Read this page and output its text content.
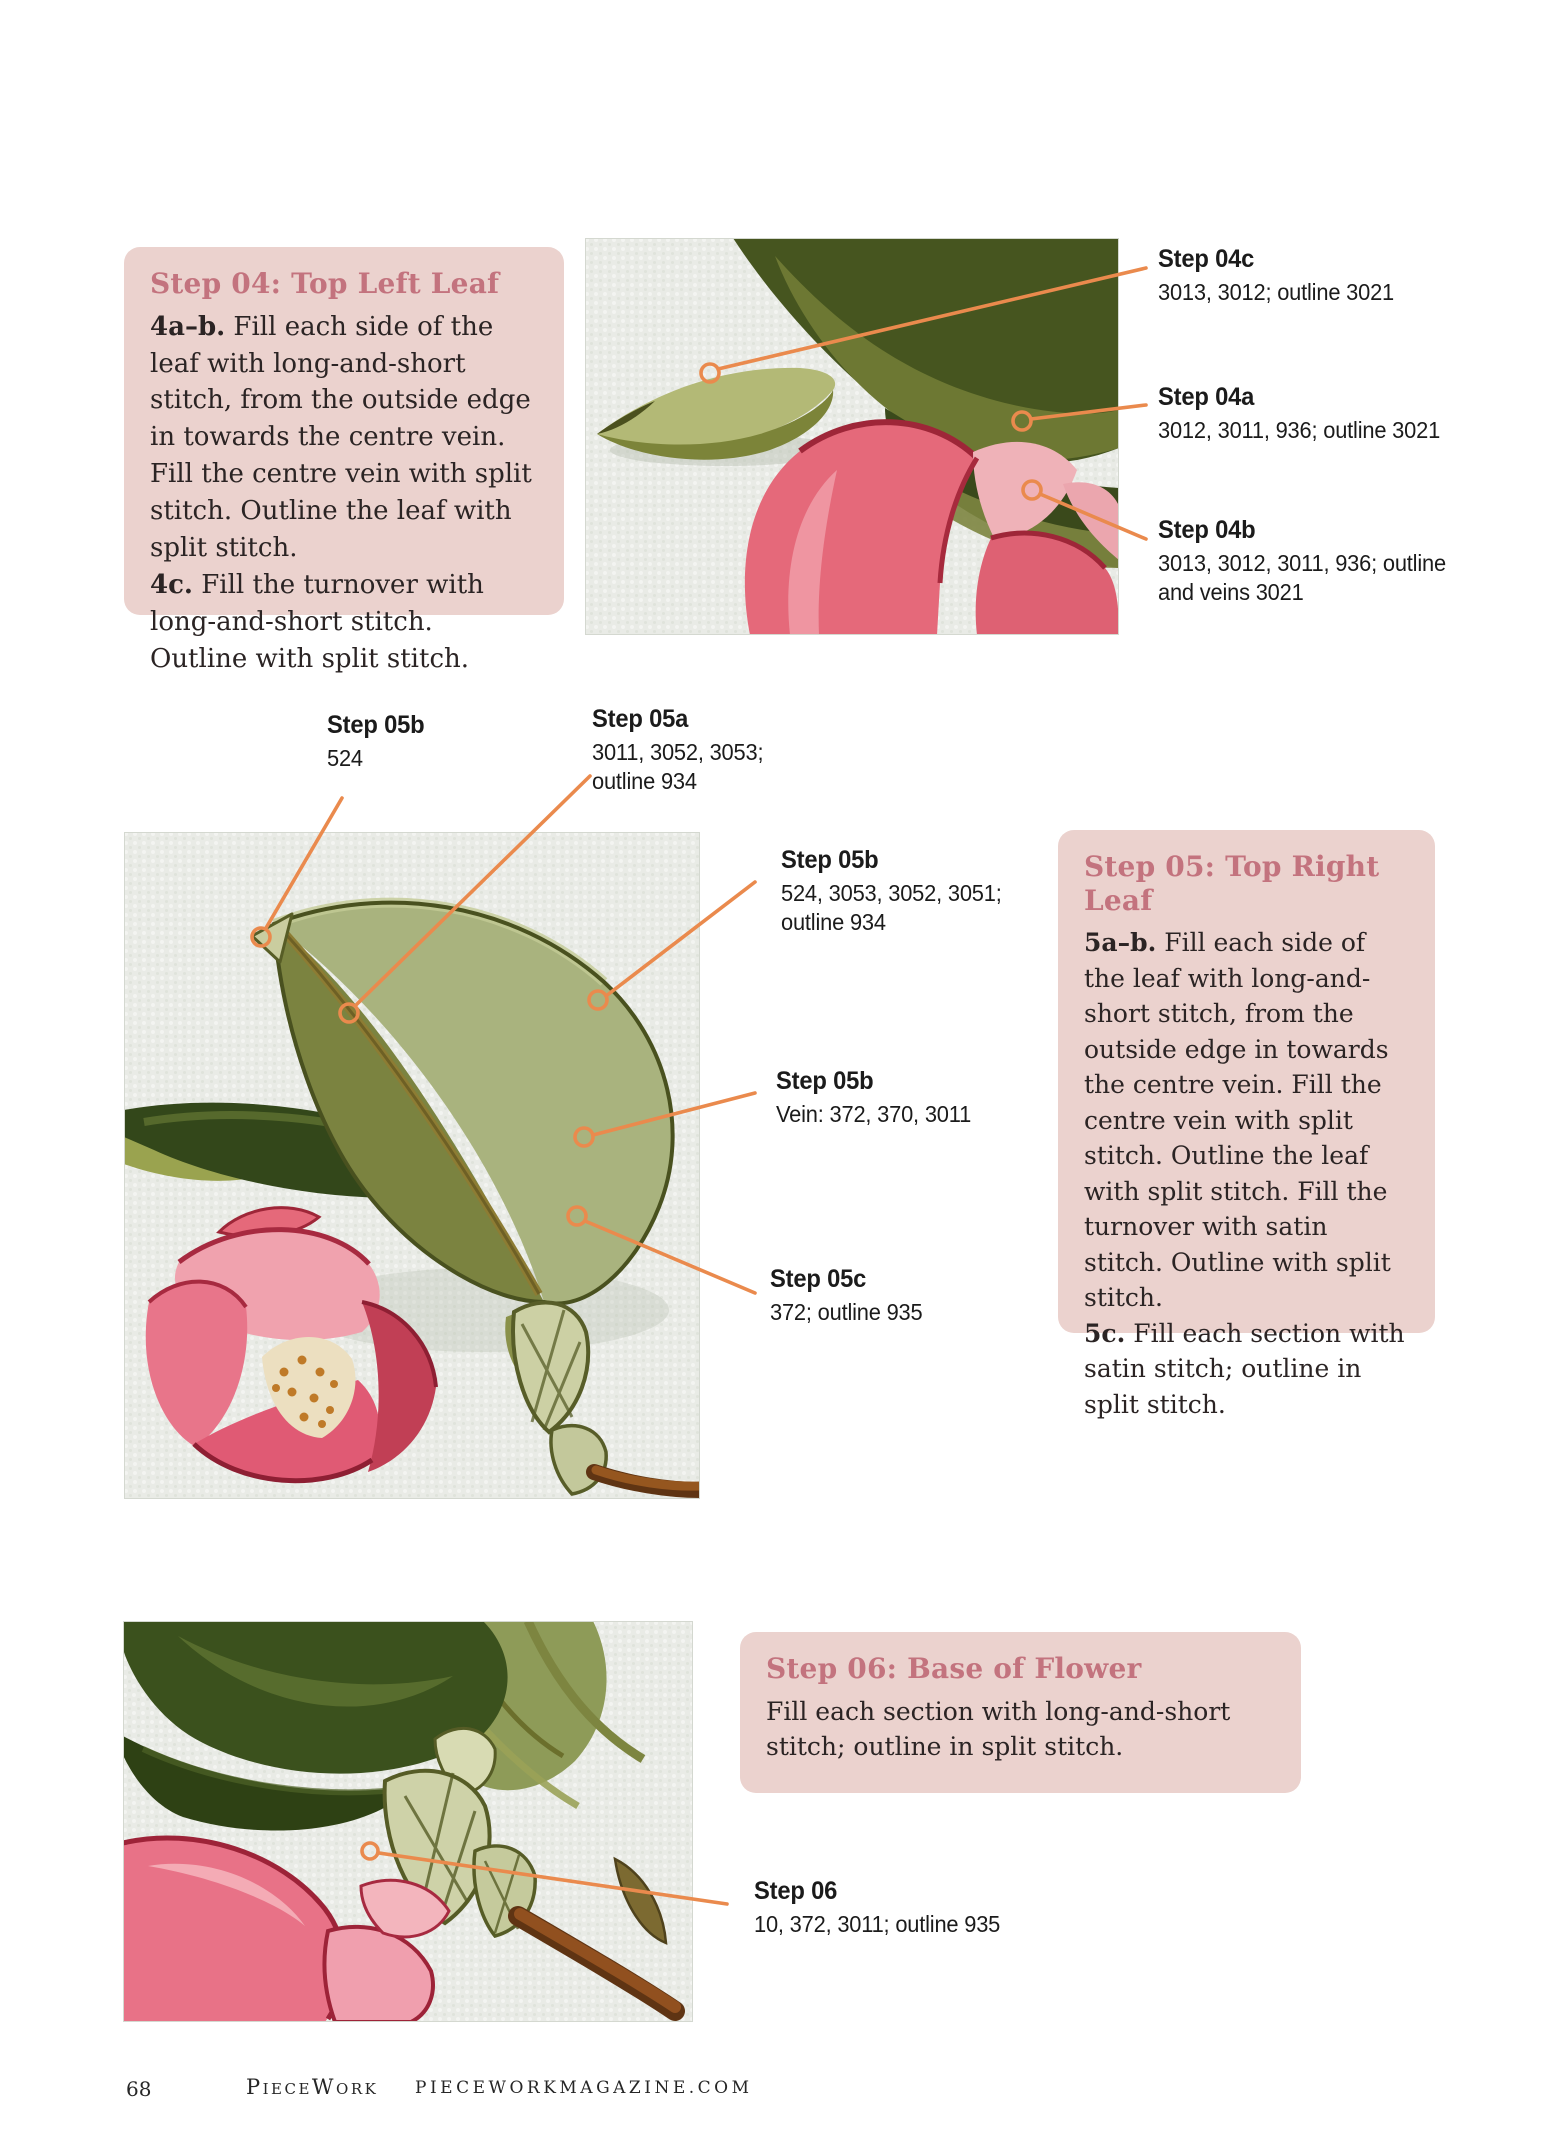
Step 04: Top Left Leaf

4a–b. Fill each side of the leaf with long-and-short stitch, from the outside edge in towards the centre vein. Fill the centre vein with split stitch. Outline the leaf with split stitch.

4c. Fill the turnover with long-and-short stitch. Outline with split stitch.

Step 05: Top Right Leaf

5a–b. Fill each side of the leaf with long-and-short stitch, from the outside edge in towards the centre vein. Fill the centre vein with split stitch. Outline the leaf with split stitch. Fill the turnover with satin stitch. Outline with split stitch.

5c. Fill each section with satin stitch; outline in split stitch.

Step 06: Base of Flower

Fill each section with long-and-short stitch; outline in split stitch.

Step 04c
3013, 3012; outline 3021
Step 04a
3012, 3011, 936; outline 3021
Step 04b
3013, 3012, 3011, 936; outline and veins 3021
Step 05b
524
Step 05a
3011, 3052, 3053; outline 934
Step 05b
524, 3053, 3052, 3051; outline 934
Step 05b
Vein: 372, 370, 3011
Step 05c
372; outline 935
Step 06
10, 372, 3011; outline 935
68	PieceWork PIECEWORKMAGAZINE.COM
